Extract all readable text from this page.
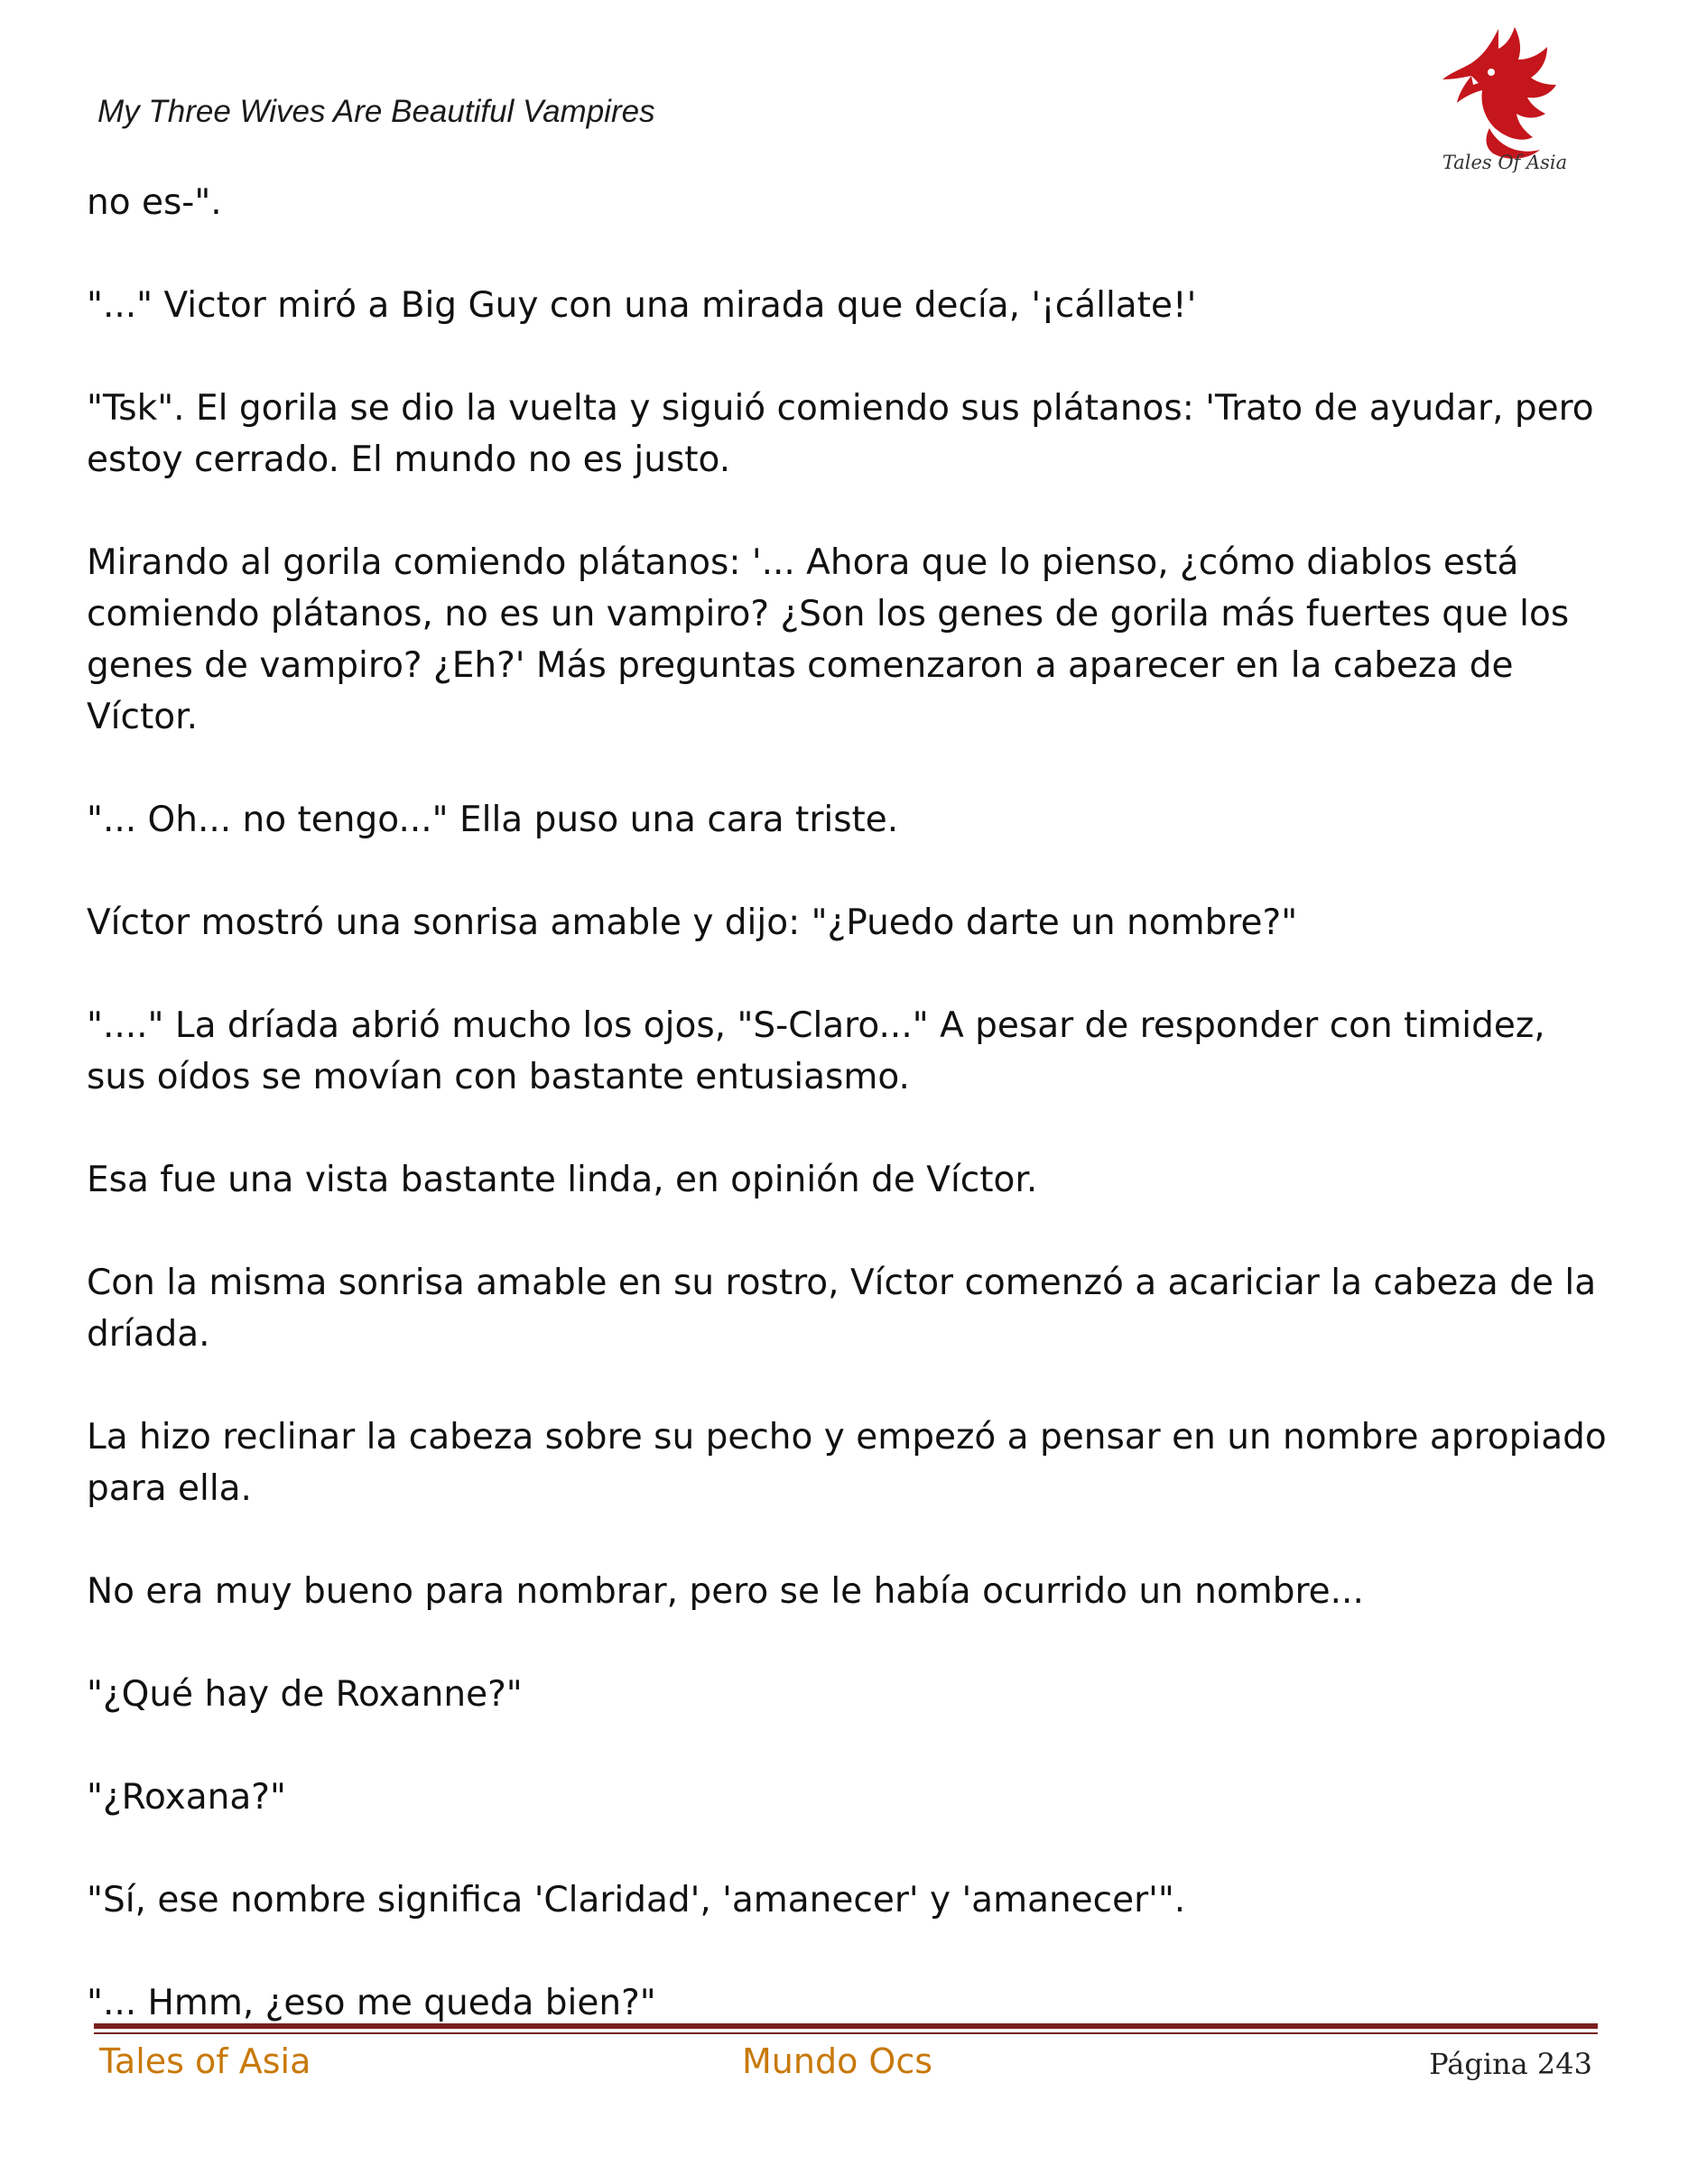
My Three Wives Are Beautiful Vampires
Tales Of Asia

no es-".

"..." Victor miró a Big Guy con una mirada que decía, '¡cállate!'

"Tsk". El gorila se dio la vuelta y siguió comiendo sus plátanos: 'Trato de ayudar, pero estoy cerrado. El mundo no es justo.

Mirando al gorila comiendo plátanos: '... Ahora que lo pienso, ¿cómo diablos está comiendo plátanos, no es un vampiro? ¿Son los genes de gorila más fuertes que los genes de vampiro? ¿Eh?' Más preguntas comenzaron a aparecer en la cabeza de Víctor.

"... Oh... no tengo..." Ella puso una cara triste.

Víctor mostró una sonrisa amable y dijo: "¿Puedo darte un nombre?"

"...." La dríada abrió mucho los ojos, "S-Claro..." A pesar de responder con timidez, sus oídos se movían con bastante entusiasmo.

Esa fue una vista bastante linda, en opinión de Víctor.

Con la misma sonrisa amable en su rostro, Víctor comenzó a acariciar la cabeza de la dríada.

La hizo reclinar la cabeza sobre su pecho y empezó a pensar en un nombre apropiado para ella.

No era muy bueno para nombrar, pero se le había ocurrido un nombre...

"¿Qué hay de Roxanne?"

"¿Roxana?"

"Sí, ese nombre significa 'Claridad', 'amanecer' y 'amanecer'".

"... Hmm, ¿eso me queda bien?"

Tales of Asia	Mundo Ocs	Página 243
